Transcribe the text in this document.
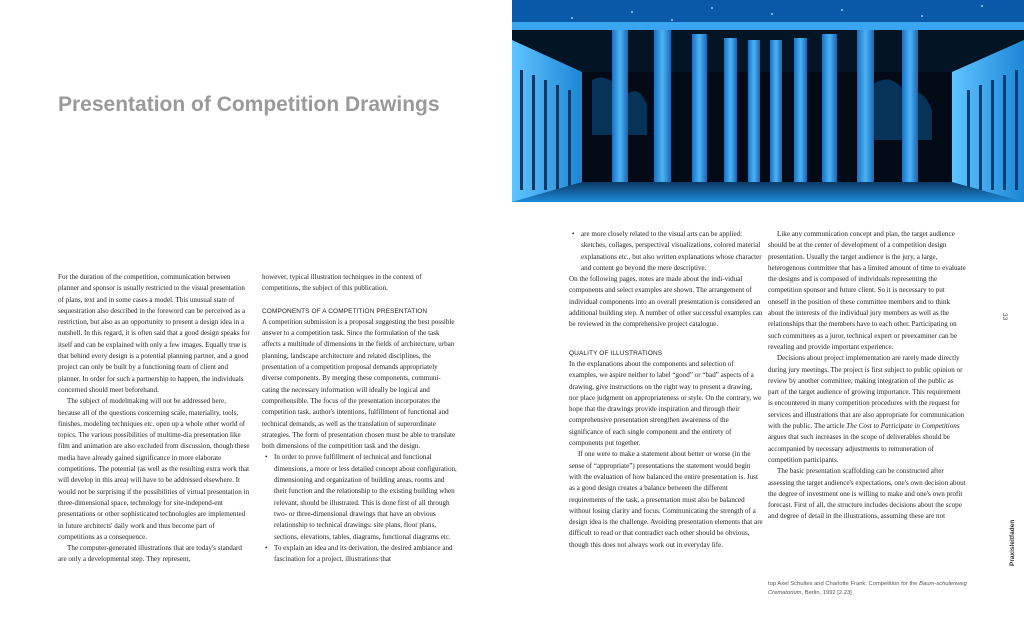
Presentation of Competition Drawings

For the duration of the competition, communication between planner and sponsor is usually restricted to the visual presentation of plans, text and in some cases a model. This unusual state of sequestration also described in the foreword can be perceived as a restriction, but also as an opportunity to present a design idea in a nutshell. In this regard, it is often said that a good design speaks for itself and can be explained with only a few images. Equally true is that behind every design is a potential planning partner, and a good project can only be built by a functioning team of client and planner. In order for such a partnership to happen, the individuals concerned should meet beforehand.

The subject of modelmaking will not be addressed here, because all of the questions concerning scale, materiality, tools, finishes, modeling techniques etc. open up a whole other world of topics. The various possibilities of multime-dia presentation like film and animation are also excluded from discussion, though these media have already gained significance in more elaborate competitions. The potential (as well as the resulting extra work that will develop in this area) will have to be addressed elsewhere. It would not be surprising if the possibilities of virtual presentation in three-dimensional space, technology for site-independ-ent presentations or other sophisticated technologies are implemented in future architects' daily work and thus become part of competitions as a consequence.

The computer-generated illustrations that are today's standard are only a developmental step. They represent,

however, typical illustration techniques in the context of competitions, the subject of this publication.

COMPONENTS OF A COMPETITION PRESENTATION

A competition submission is a proposal suggesting the best possible answer to a competition task. Since the formulation of the task affects a multitude of dimensions in the fields of architecture, urban planning, landscape architecture and related disciplines, the presentation of a competition proposal demands appropriately diverse components. By merging these components, communi-cating the necessary information will ideally be logical and comprehensible. The focus of the presentation incorporates the competition task, author's intentions, fulfillment of functional and technical demands, as well as the translation of superordinate strategies. The form of presentation chosen must be able to translate both dimensions of the competition task and the design.

• In order to prove fulfillment of technical and functional dimensions, a more or less detailed concept about configuration, dimensioning and organization of building areas, rooms and their function and the relationship to the existing building when relevant, should be illustrated. This is done first of all through two- or three-dimensional drawings that have an obvious relationship to technical drawings: site plans, floor plans, sections, elevations, tables, diagrams, functional diagrams etc.
• To explain an idea and its derivation, the desired ambiance and fascination for a project, illustrations that
• are more closely related to the visual arts can be applied: sketches, collages, perspectival visualizations, colored material explanations etc., but also written explanations whose character and content go beyond the mere descriptive.

On the following pages, notes are made about the indi-vidual components and select examples are shown. The arrangement of individual components into an overall presentation is considered an additional building step. A number of other successful examples can be reviewed in the comprehensive project catalogue.

QUALITY OF ILLUSTRATIONS

In the explanations about the components and selection of examples, we aspire neither to label “good” or “bad” aspects of a drawing, give instructions on the right way to present a drawing, nor place judgment on appropriateness or style. On the contrary, we hope that the drawings provide inspiration and through their comprehensive presentation strengthen awareness of the significance of each single component and the entirety of components put together.

If one were to make a statement about better or worse (in the sense of “appropriate”) presentations the statement would begin with the evaluation of how balanced the entire presentation is. Just as a good design creates a balance between the different requirements of the task, a presentation must also be balanced without losing clarity and focus. Communicating the strength of a design idea is the challenge. Avoiding presentation elements that are difficult to read or that contradict each other should be obvious, though this does not always work out in everyday life.

Like any communication concept and plan, the target audience should be at the center of development of a competition design presentation. Usually the target audience is the jury, a large, heterogenous committee that has a limited amount of time to evaluate the designs and is composed of individuals representing the competition sponsor and future client. So it is necessary to put oneself in the position of these committee members and to think about the interests of the individual jury members as well as the relationships that the members have to each other. Participating on such committees as a juror, technical expert or preexaminer can be revealing and provide important experience.

Decisions about project implementation are rarely made directly during jury meetings. The project is first subject to public opinion or review by another committee, making integration of the public as part of the target audience of growing importance. This requirement is encountered in many competition procedures with the request for services and illustrations that are also appropriate for communication with the public. The article The Cost to Participate in Competitions argues that such increases in the scope of deliverables should be accompanied by necessary adjustments to remuneration of competition participants.

The basic presentation scaffolding can be constructed after assessing the target audience's expectations, one's own decision about the degree of investment one is willing to make and one's own profit forecast. First of all, the structure includes decisions about the scope and degree of detail in the illustrations, assuming these are not

top Axel Schultes and Charlotte Frank: Competition for the Baum-schulenweg Crematorium, Berlin, 1992 [2.23]
33
Praxisleitfaden
